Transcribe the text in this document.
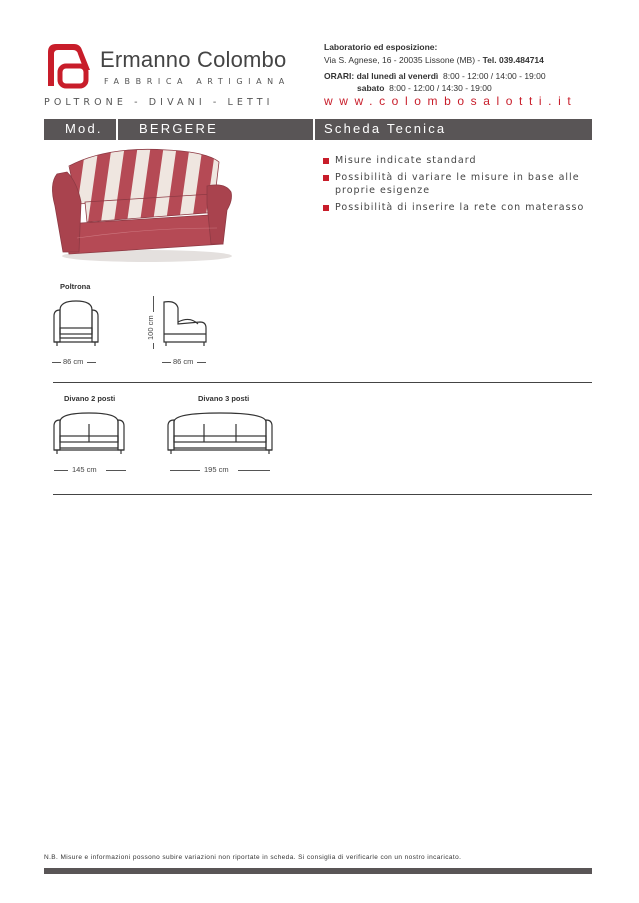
Ermanno Colombo
FABBRICA ARTIGIANA
POLTRONE - DIVANI - LETTI
Laboratorio ed esposizione:
Via S. Agnese, 16 - 20035 Lissone (MB) - Tel. 039.484714
ORARI: dal lunedì al venerdì 8:00 - 12:00 / 14:00 - 19:00
sabato 8:00 - 12:00 / 14:30 - 19:00
www.colombosalotti.it
Mod.	BERGERE	Scheda Tecnica
Misure indicate standard
Possibilità di variare le misure in base alle proprie esigenze
Possibilità di inserire la rete con materasso
Poltrona
100 cm
86 cm	86 cm
Divano 2 posti	Divano 3 posti
145 cm	195 cm
N.B. Misure e informazioni possono subire variazioni non riportate in scheda. Si consiglia di verificarle con un nostro incaricato.
